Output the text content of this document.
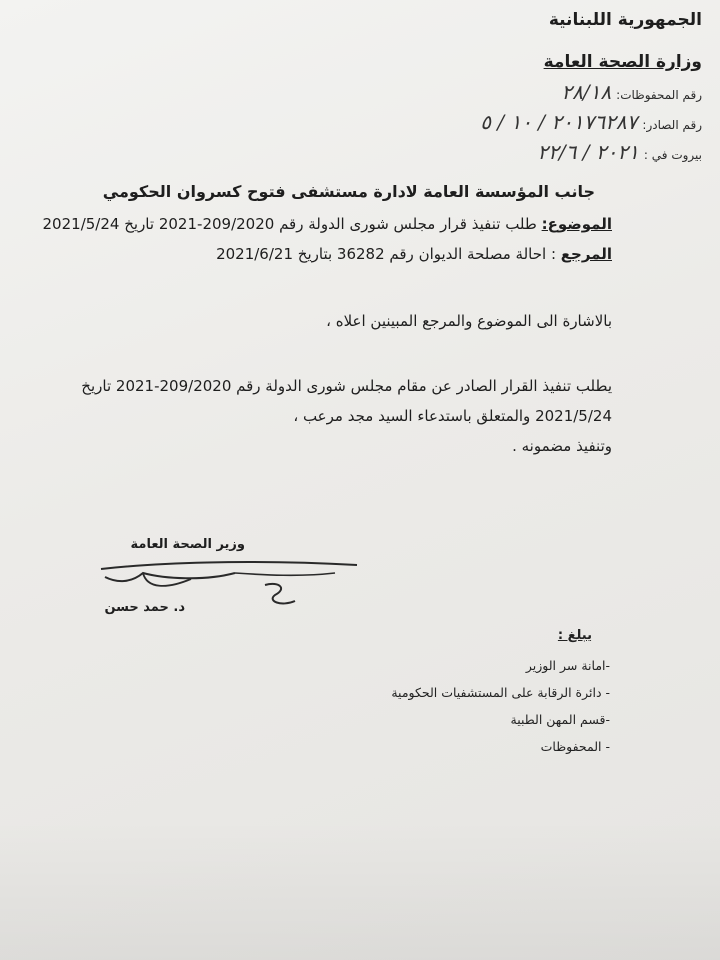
الجمهورية اللبنانية
وزارة الصحة العامة
رقم المحفوظات: ٢٨/١٨
رقم الصادر: ٢٠١٧٦٢٨٧ / ١٠ / ٥
بيروت في : ٢٠٢١ / ٢٢/٦
جانب المؤسسة العامة لادارة مستشفى فتوح كسروان الحكومي
الموضوع: طلب تنفيذ قرار مجلس شورى الدولة رقم 209/2020-2021 تاريخ 2021/5/24
المرجع : احالة مصلحة الديوان رقم 36282 بتاريخ 2021/6/21
بالاشارة الى الموضوع والمرجع المبينين اعلاه ،
يطلب تنفيذ القرار الصادر عن مقام مجلس شورى الدولة رقم 209/2020-2021 تاريخ
2021/5/24 والمتعلق باستدعاء السيد مجد مرعب ،
وتنفيذ مضمونه .
وزير الصحة العامة
د. حمد حسن
يبلغ :
-امانة سر الوزير
- دائرة الرقابة على المستشفيات الحكومية
-قسم المهن الطبية
- المحفوظات
